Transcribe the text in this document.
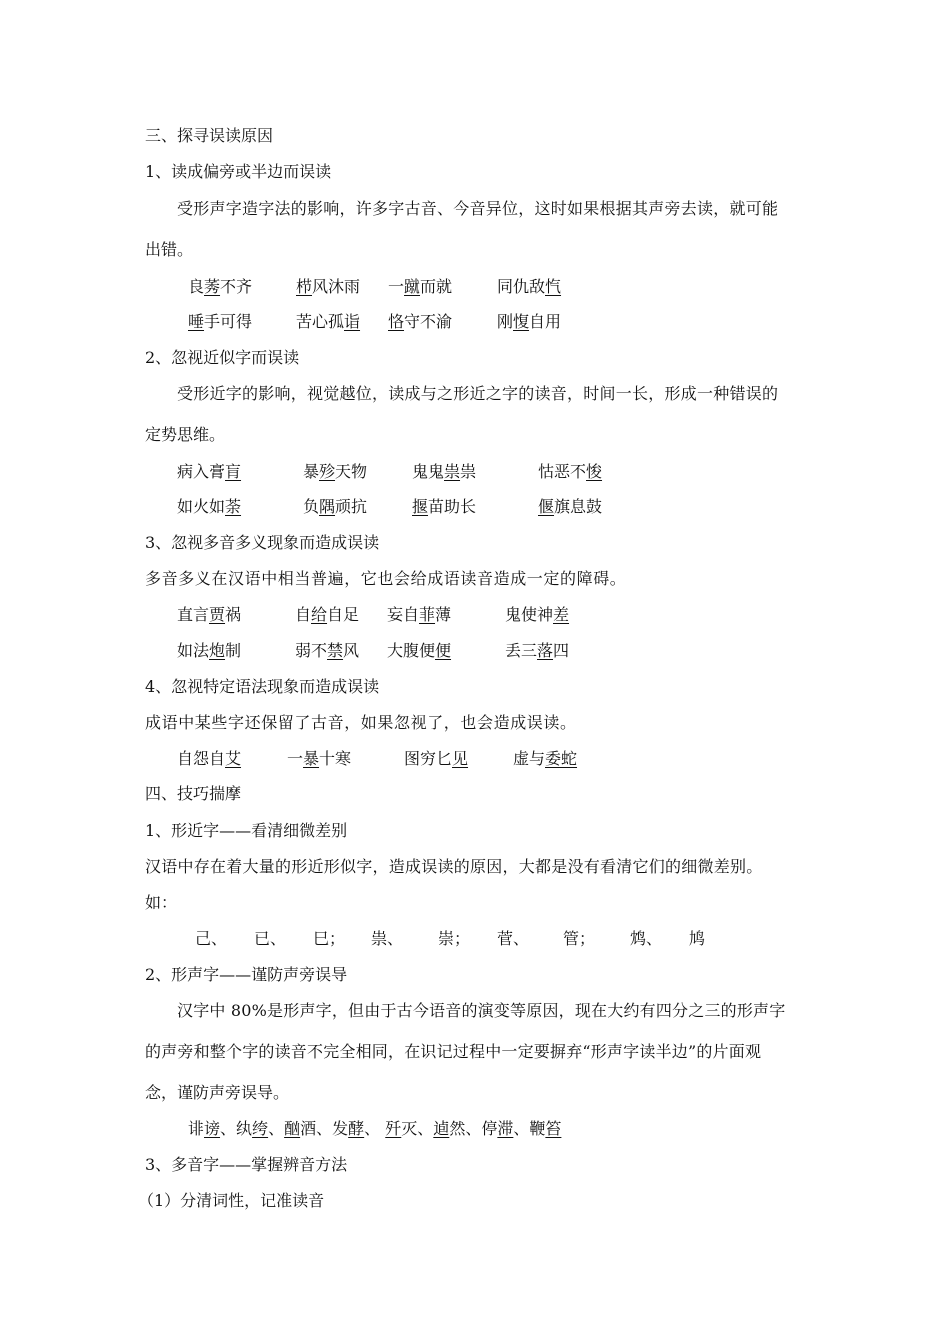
三、探寻误读原因
1、读成偏旁或半边而误读
受形声字造字法的影响，许多字古音、今音异位，这时如果根据其声旁去读，就可能
出错。
良莠不齐	栉风沐雨 一蹴而就	同仇敌忾
唾手可得	苦心孤诣 恪守不渝	刚愎自用
2、忽视近似字而误读
受形近字的影响，视觉越位，读成与之形近之字的读音，时间一长，形成一种错误的
定势思维。
病入膏肓	暴殄天物	鬼鬼祟祟	怙恶不悛
如火如荼	负隅顽抗	揠苗助长	偃旗息鼓
3、忽视多音多义现象而造成误读
多音多义在汉语中相当普遍，它也会给成语读音造成一定的障碍。
直言贾祸	自给自足 妄自菲薄	鬼使神差
如法炮制	弱不禁风 大腹便便	丢三落四
4、忽视特定语法现象而造成误读
成语中某些字还保留了古音，如果忽视了，也会造成误读。
自怨自艾	一暴十寒	图穷匕见	虚与委蛇
四、技巧揣摩
1、形近字——看清细微差别
汉语中存在着大量的形近形似字，造成误读的原因，大都是没有看清它们的细微差别。
如：
己、 已、 巳； 祟、 崇； 菅、 管； 鸩、 鸠
2、形声字——谨防声旁误导
汉字中 80%是形声字，但由于古今语音的演变等原因，现在大约有四分之三的形声字
的声旁和整个字的读音不完全相同，在识记过程中一定要摒弃“形声字读半边”的片面观
念，谨防声旁误导。
诽谤、纨绔、酗酒、发酵、 歼灭、逌然、停滞、鞭笞
3、多音字——掌握辨音方法
（1）分清词性，记准读音
